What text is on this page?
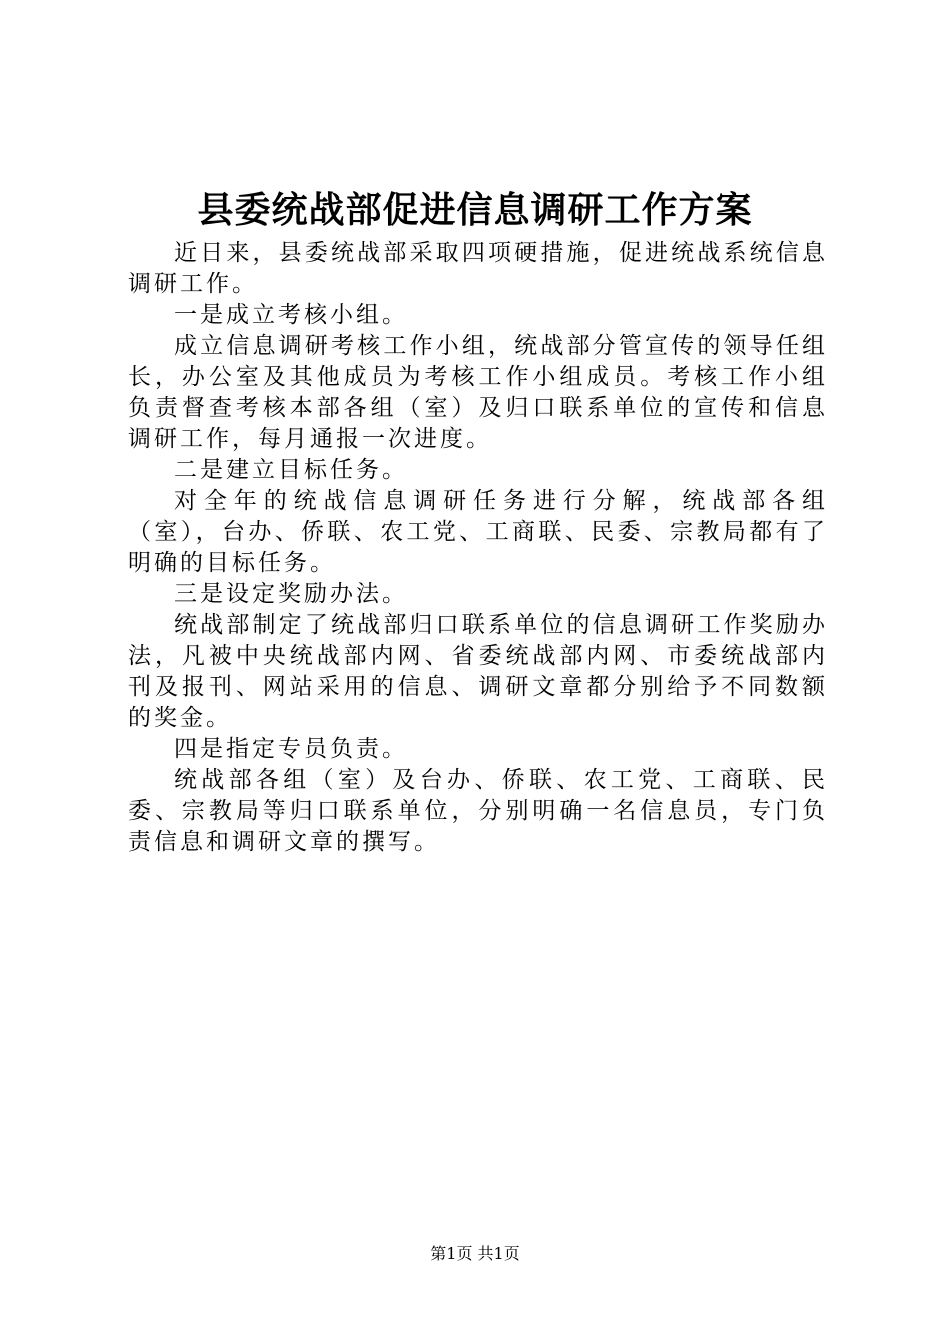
县委统战部促进信息调研工作方案

近日来，县委统战部采取四项硬措施，促进统战系统信息调研工作。

一是成立考核小组。

成立信息调研考核工作小组，统战部分管宣传的领导任组长，办公室及其他成员为考核工作小组成员。考核工作小组负责督查考核本部各组（室）及归口联系单位的宣传和信息调研工作，每月通报一次进度。

二是建立目标任务。

对全年的统战信息调研任务进行分解，统战部各组（室），台办、侨联、农工党、工商联、民委、宗教局都有了明确的目标任务。

三是设定奖励办法。

统战部制定了统战部归口联系单位的信息调研工作奖励办法，凡被中央统战部内网、省委统战部内网、市委统战部内刊及报刊、网站采用的信息、调研文章都分别给予不同数额的奖金。

四是指定专员负责。

统战部各组（室）及台办、侨联、农工党、工商联、民委、宗教局等归口联系单位，分别明确一名信息员，专门负责信息和调研文章的撰写。

第1页 共1页
